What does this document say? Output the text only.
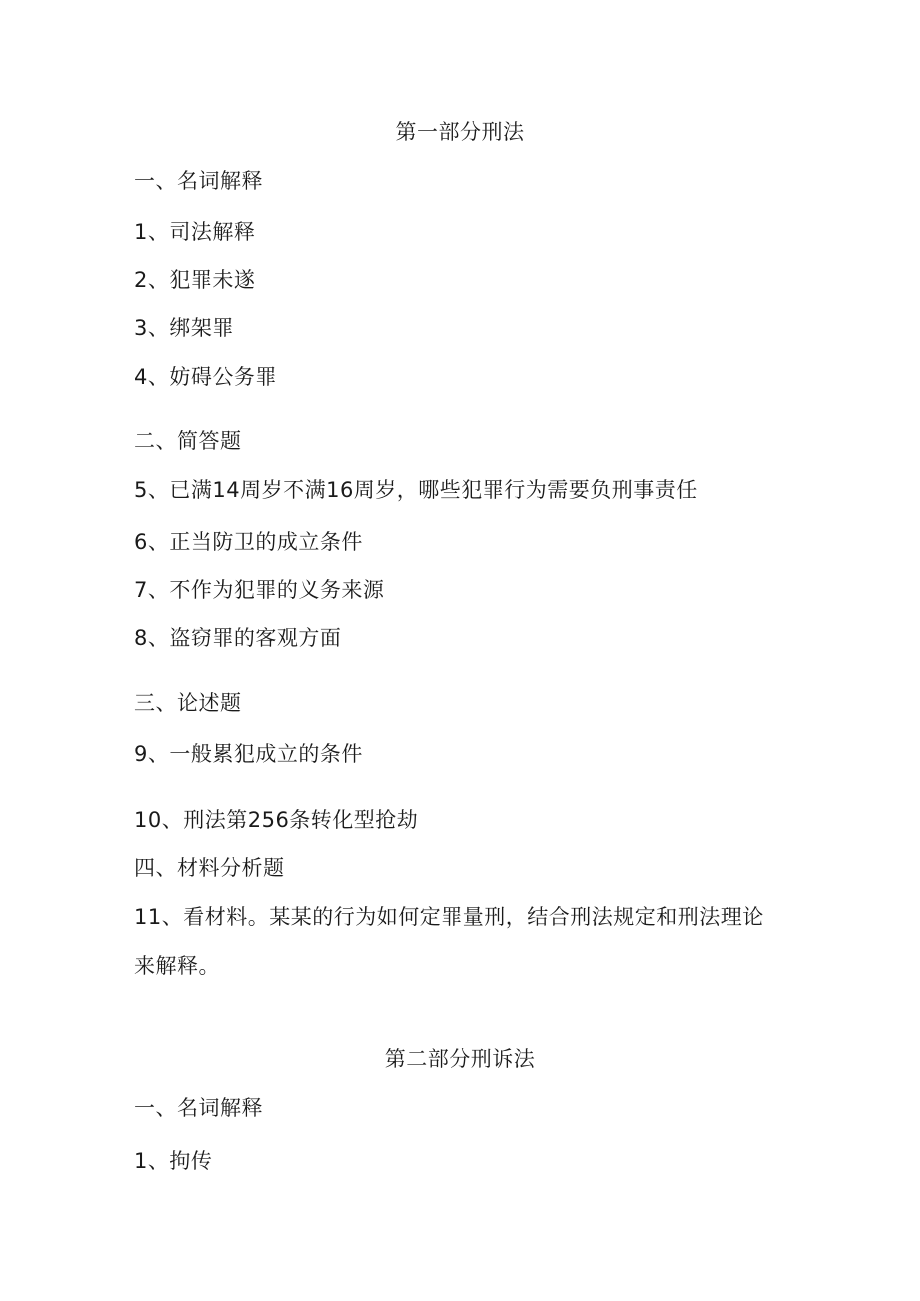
第一部分刑法
一、名词解释
1、司法解释
2、犯罪未遂
3、绑架罪
4、妨碍公务罪
二、简答题
5、已满14周岁不满16周岁，哪些犯罪行为需要负刑事责任
6、正当防卫的成立条件
7、不作为犯罪的义务来源
8、盗窃罪的客观方面
三、论述题
9、一般累犯成立的条件
10、刑法第256条转化型抢劫
四、材料分析题
11、看材料。某某的行为如何定罪量刑，结合刑法规定和刑法理论
来解释。
第二部分刑诉法
一、名词解释
1、拘传
